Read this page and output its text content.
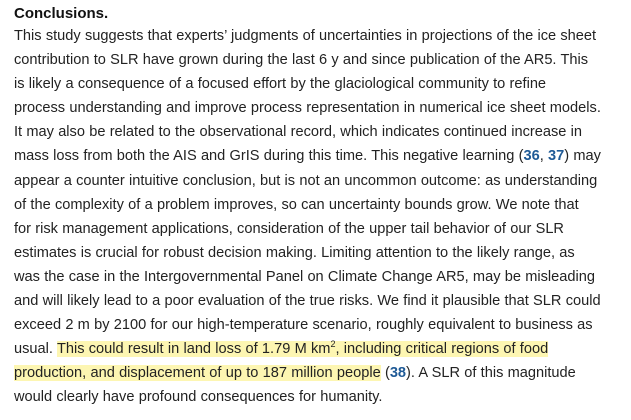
Conclusions.

This study suggests that experts’ judgments of uncertainties in projections of the ice sheet
contribution to SLR have grown during the last 6 y and since publication of the AR5. This
is likely a consequence of a focused effort by the glaciological community to refine
process understanding and improve process representation in numerical ice sheet models.
It may also be related to the observational record, which indicates continued increase in
mass loss from both the AIS and GrIS during this time. This negative learning (36, 37) may
appear a counter intuitive conclusion, but is not an uncommon outcome: as understanding
of the complexity of a problem improves, so can uncertainty bounds grow. We note that
for risk management applications, consideration of the upper tail behavior of our SLR
estimates is crucial for robust decision making. Limiting attention to the likely range, as
was the case in the Intergovernmental Panel on Climate Change AR5, may be misleading
and will likely lead to a poor evaluation of the true risks. We find it plausible that SLR could
exceed 2 m by 2100 for our high-temperature scenario, roughly equivalent to business as
usual. This could result in land loss of 1.79 M $km^2$, including critical regions of food
production, and displacement of up to 187 million people (38). A SLR of this magnitude
would clearly have profound consequences for humanity.
